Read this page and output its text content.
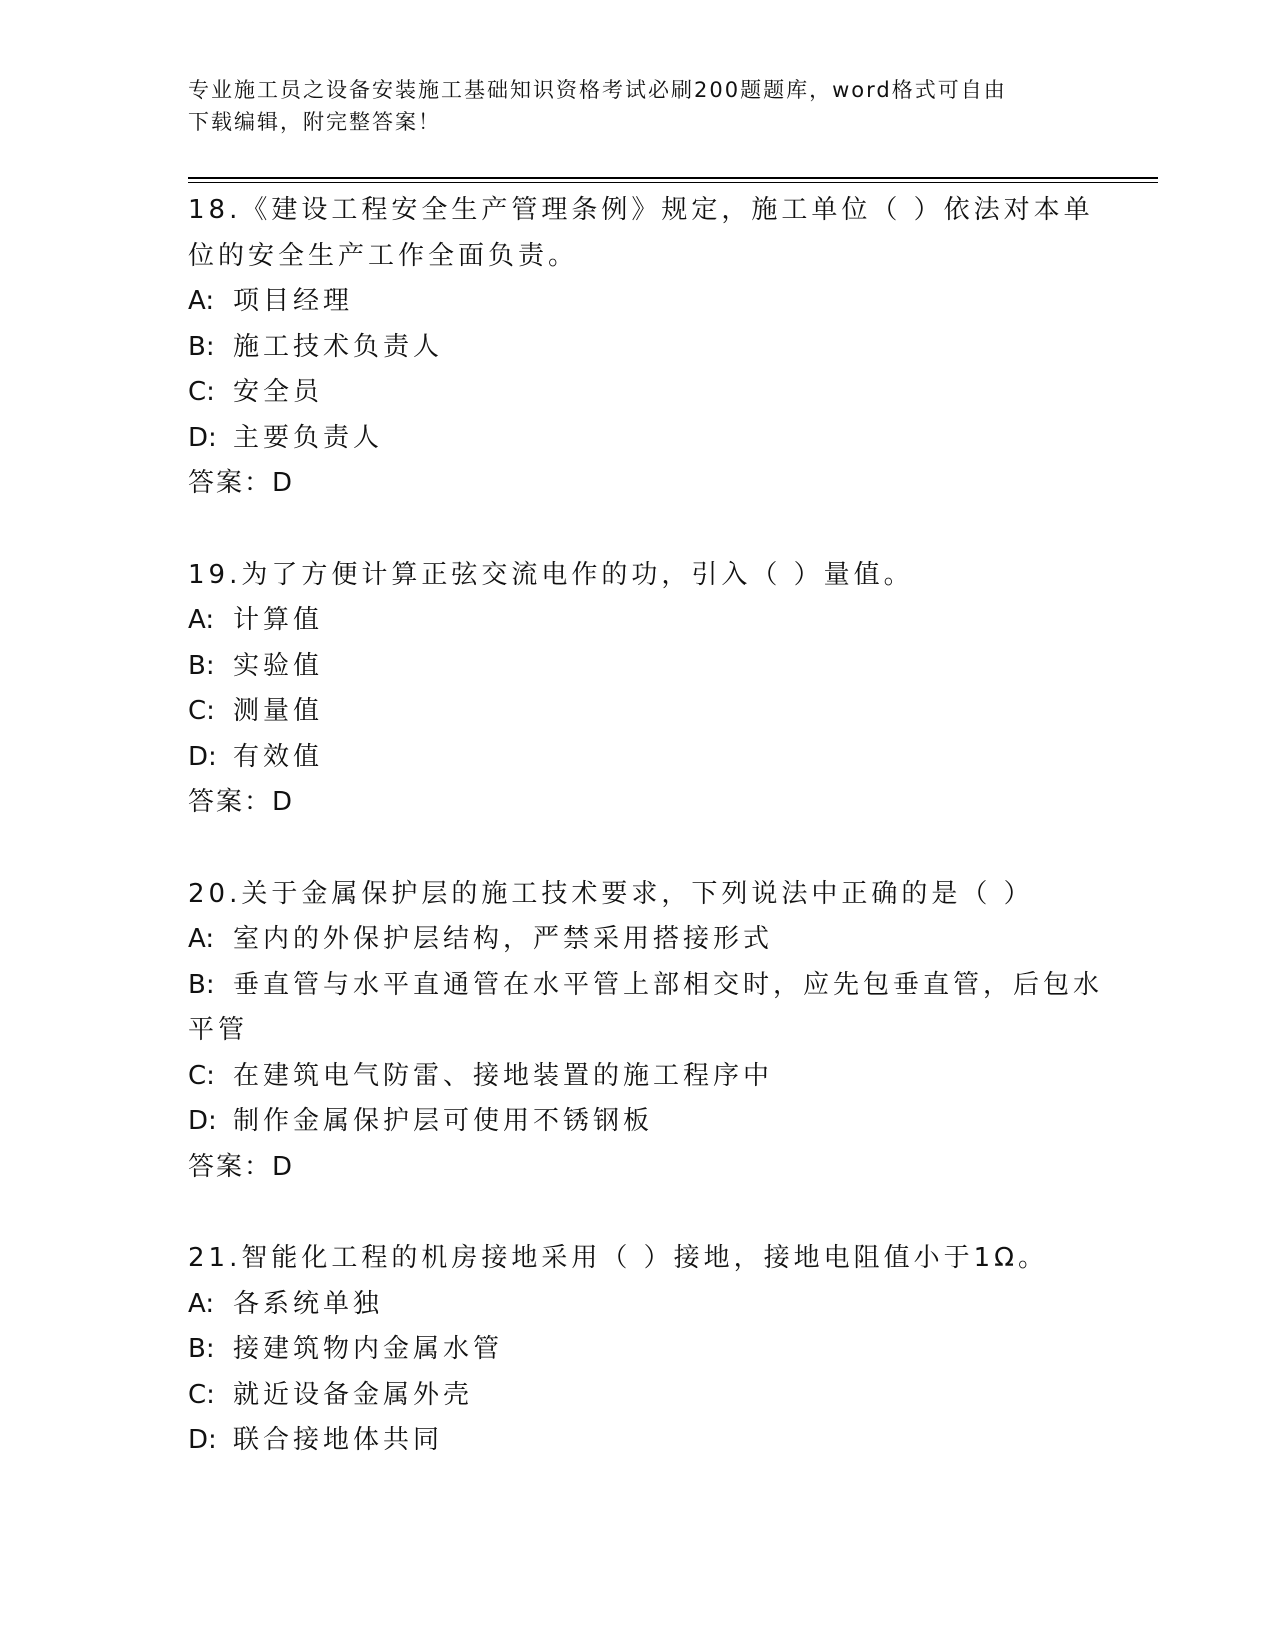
专业施工员之设备安装施工基础知识资格考试必刷200题题库，word格式可自由
下载编辑，附完整答案！
18.《建设工程安全生产管理条例》规定，施工单位（ ）依法对本单
位的安全生产工作全面负责。
A: 项目经理
B: 施工技术负责人
C: 安全员
D: 主要负责人
答案：D
19.为了方便计算正弦交流电作的功，引入（ ）量值。
A: 计算值
B: 实验值
C: 测量值
D: 有效值
答案：D
20.关于金属保护层的施工技术要求，下列说法中正确的是（ ）
A: 室内的外保护层结构，严禁采用搭接形式
B: 垂直管与水平直通管在水平管上部相交时，应先包垂直管，后包水
平管
C: 在建筑电气防雷、接地装置的施工程序中
D: 制作金属保护层可使用不锈钢板
答案：D
21.智能化工程的机房接地采用（ ）接地，接地电阻值小于1Ω。
A: 各系统单独
B: 接建筑物内金属水管
C: 就近设备金属外壳
D: 联合接地体共同
